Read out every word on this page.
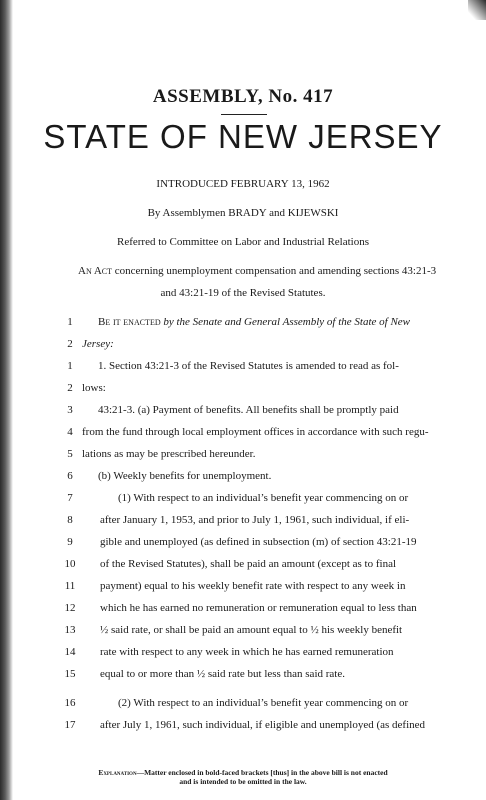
ASSEMBLY, No. 417
STATE OF NEW JERSEY
INTRODUCED FEBRUARY 13, 1962
By Assemblymen BRADY and KIJEWSKI
Referred to Committee on Labor and Industrial Relations
An Act concerning unemployment compensation and amending sections 43:21-3
and 43:21-19 of the Revised Statutes.
1	Be it enacted by the Senate and General Assembly of the State of New
2 Jersey:
1	1. Section 43:21-3 of the Revised Statutes is amended to read as fol-
2 lows:
3	43:21-3. (a) Payment of benefits. All benefits shall be promptly paid
4 from the fund through local employment offices in accordance with such regu-
5 lations as may be prescribed hereunder.
6	(b) Weekly benefits for unemployment.
7	(1) With respect to an individual’s benefit year commencing on or
8	after January 1, 1953, and prior to July 1, 1961, such individual, if eli-
9	gible and unemployed (as defined in subsection (m) of section 43:21-19
10	of the Revised Statutes), shall be paid an amount (except as to final
11	payment) equal to his weekly benefit rate with respect to any week in
12	which he has earned no remuneration or remuneration equal to less than
13	½ said rate, or shall be paid an amount equal to ½ his weekly benefit
14	rate with respect to any week in which he has earned remuneration
15	equal to or more than ½ said rate but less than said rate.
16	(2) With respect to an individual’s benefit year commencing on or
17	after July 1, 1961, such individual, if eligible and unemployed (as defined
Explanation—Matter enclosed in bold-faced brackets [thus] in the above bill is not enacted
and is intended to be omitted in the law.
